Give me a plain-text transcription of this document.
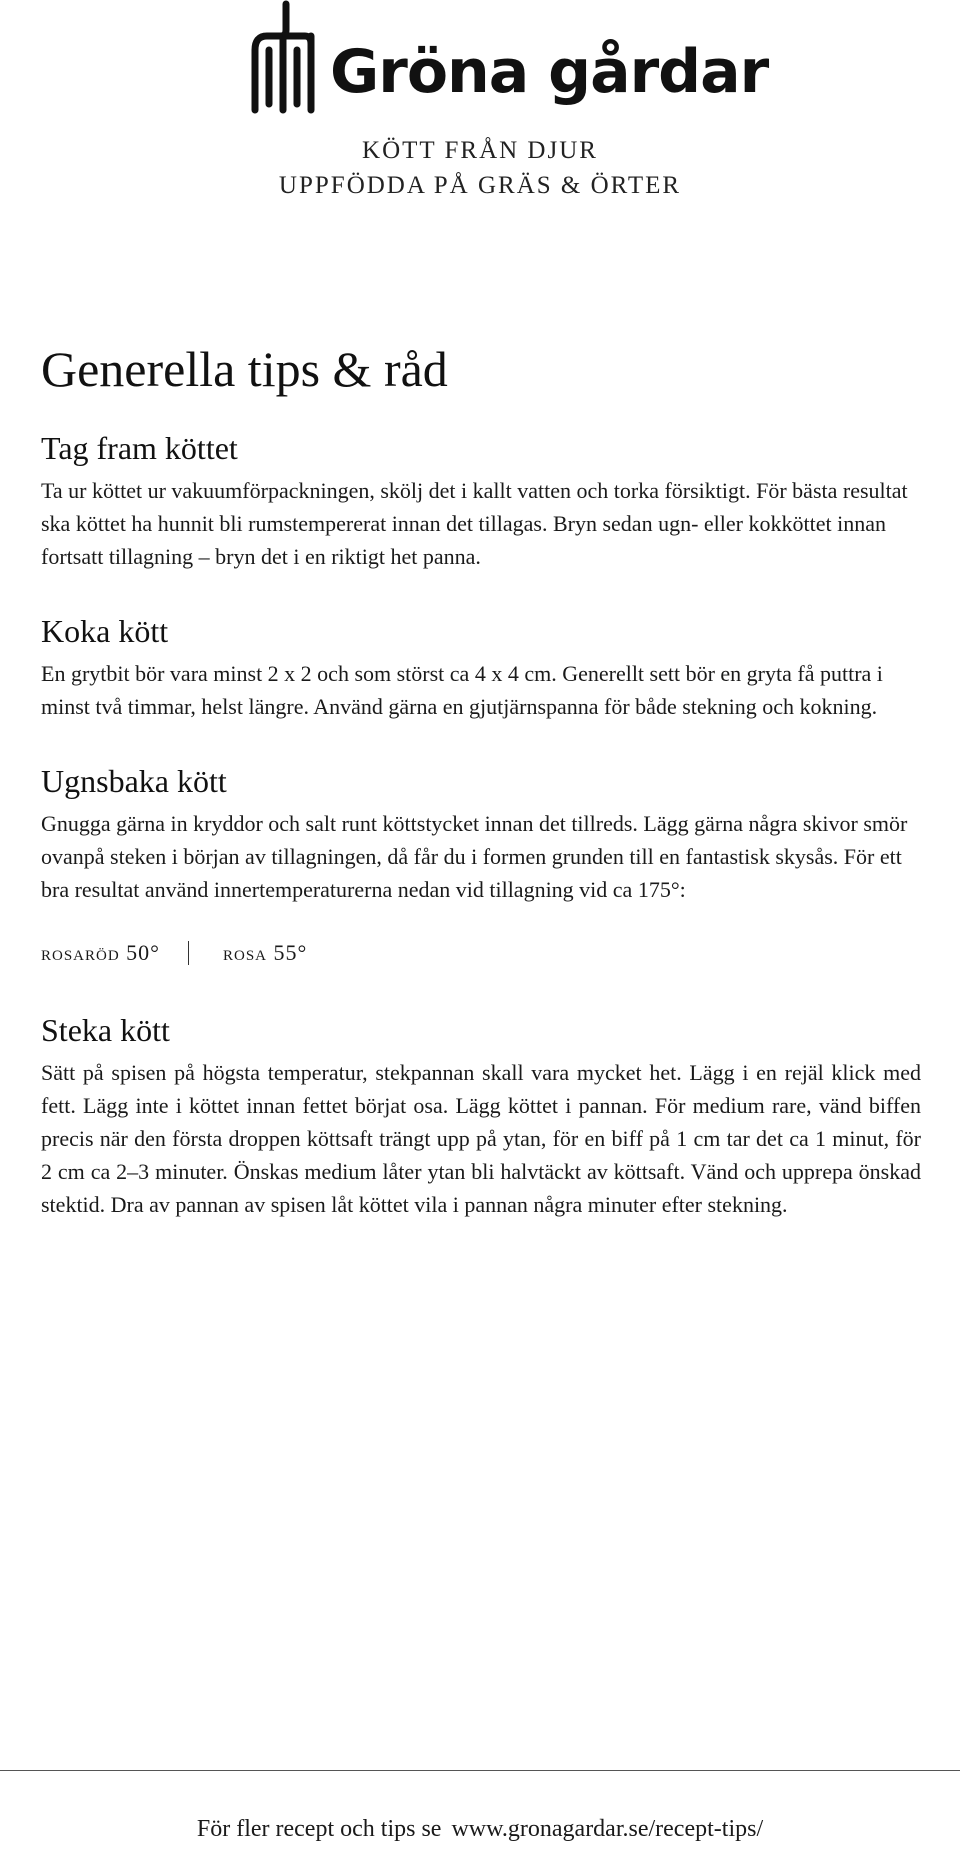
Gröna gårdar
KÖTT FRÅN DJUR
UPPFÖDDA PÅ GRÄS & ÖRTER
Generella tips & råd
Tag fram köttet

Ta ur köttet ur vakuumförpackningen, skölj det i kallt vatten och torka försiktigt. För bästa resultat ska köttet ha hunnit bli rumstempererat innan det tillagas. Bryn sedan ugn- eller kokköttet innan fortsatt tillagning – bryn det i en riktigt het panna.

Koka kött

En grytbit bör vara minst 2 x 2 och som störst ca 4 x 4 cm. Generellt sett bör en gryta få puttra i minst två timmar, helst längre. Använd gärna en gjutjärnspanna för både stekning och kokning.

Ugnsbaka kött

Gnugga gärna in kryddor och salt runt köttstycket innan det tillreds. Lägg gärna några skivor smör ovanpå steken i början av tillagningen, då får du i formen grunden till en fantastisk skysås. För ett bra resultat använd innertemperaturerna nedan vid tillagning vid ca 175°:

rosaröd 50°	rosa 55°
Steka kött

Sätt på spisen på högsta temperatur, stekpannan skall vara mycket het. Lägg i en rejäl klick med fett. Lägg inte i köttet innan fettet börjat osa. Lägg köttet i pannan. För medium rare, vänd biffen precis när den första droppen köttsaft trängt upp på ytan, för en biff på 1 cm tar det ca 1 minut, för 2 cm ca 2–3 minuter. Önskas medium låter ytan bli halvtäckt av köttsaft. Vänd och upprepa önskad stektid. Dra av pannan av spisen låt köttet vila i pannan några minuter efter stekning.

För fler recept och tips se www.gronagardar.se/recept-tips/
